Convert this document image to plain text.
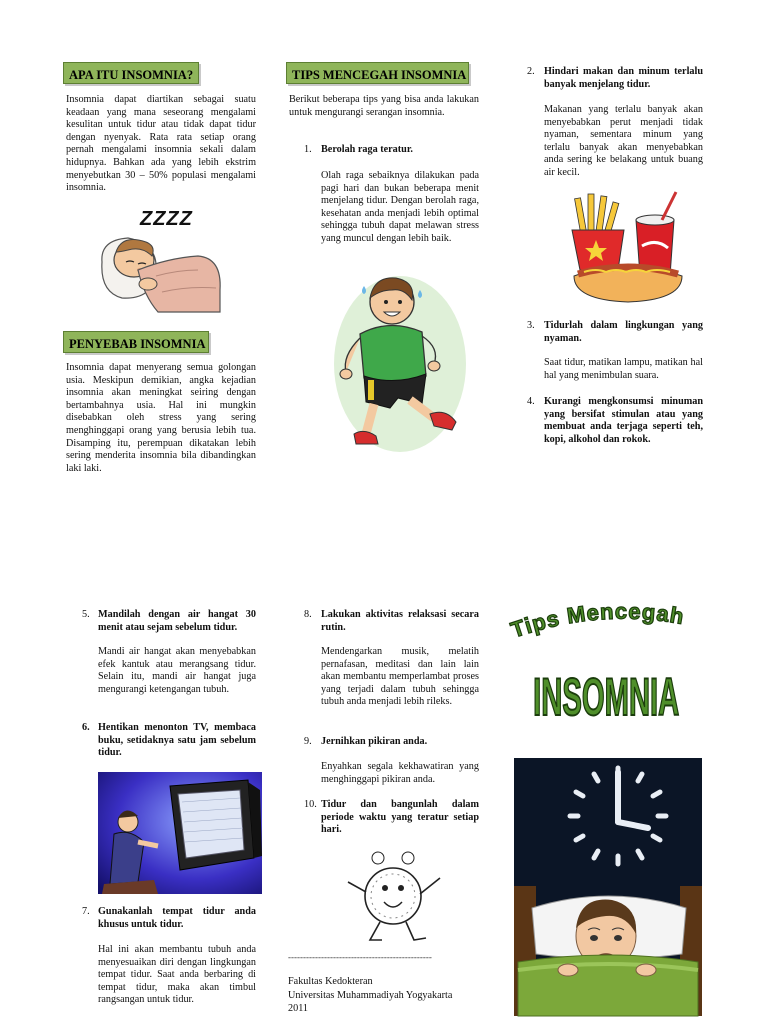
APA ITU INSOMNIA?

Insomnia dapat diartikan sebagai suatu keadaan yang mana seseorang mengalami kesulitan untuk tidur atau tidak dapat tidur dengan nyenyak. Rata rata setiap orang pernah mengalami insomnia sekali dalam hidupnya. Bahkan ada yang lebih ekstrim menyebutkan 30 – 50% populasi mengalami insomnia.

ZZZZ
PENYEBAB INSOMNIA

Insomnia dapat menyerang semua golongan usia. Meskipun demikian, angka kejadian insomnia akan meningkat seiring dengan bertambahnya usia. Hal ini mungkin disebabkan oleh stress yang sering menghinggapi orang yang berusia lebih tua. Disamping itu, perempuan dikatakan lebih sering menderita insomnia bila dibandingkan laki laki.

TIPS MENCEGAH INSOMNIA

Berikut beberapa tips yang bisa anda lakukan untuk mengurangi serangan insomnia.

1. Berolah raga teratur.

Olah raga sebaiknya dilakukan pada pagi hari dan bukan beberapa menit menjelang tidur. Dengan berolah raga, kesehatan anda menjadi lebih optimal sehingga tubuh dapat melawan stress yang muncul dengan lebih baik.

2. Hindari makan dan minum terlalu banyak menjelang tidur.

Makanan yang terlalu banyak akan menyebabkan perut menjadi tidak nyaman, sementara minum yang terlalu banyak akan menyebabkan anda sering ke belakang untuk buang air kecil.

3. Tidurlah dalam lingkungan yang nyaman.

Saat tidur, matikan lampu, matikan hal hal yang menimbulan suara.

4. Kurangi mengkonsumsi minuman yang bersifat stimulan atau yang membuat anda terjaga seperti teh, kopi, alkohol dan rokok.
5. Mandilah dengan air hangat 30 menit atau sejam sebelum tidur.

Mandi air hangat akan menyebabkan efek kantuk atau merangsang tidur. Selain itu, mandi air hangat juga mengurangi ketengangan tubuh.

6. Hentikan menonton TV, membaca buku, setidaknya satu jam sebelum tidur.
7. Gunakanlah tempat tidur anda khusus untuk tidur.

Hal ini akan membantu tubuh anda menyesuaikan diri dengan lingkungan tempat tidur. Saat anda berbaring di tempat tidur, maka akan timbul rangsangan untuk tidur.

8. Lakukan aktivitas relaksasi secara rutin.

Mendengarkan musik, melatih pernafasan, meditasi dan lain lain akan membantu memperlambat proses yang terjadi dalam tubuh sehingga tubuh anda menjadi lebih rileks.

9. Jernihkan pikiran anda.

Enyahkan segala kekhawatiran yang menghinggapi pikiran anda.

10. Tidur dan bangunlah dalam periode waktu yang teratur setiap hari.
------------------------------------------------
Fakultas Kedokteran
Universitas Muhammadiyah Yogyakarta
2011
Tips Mencegah
INSOMNIA
